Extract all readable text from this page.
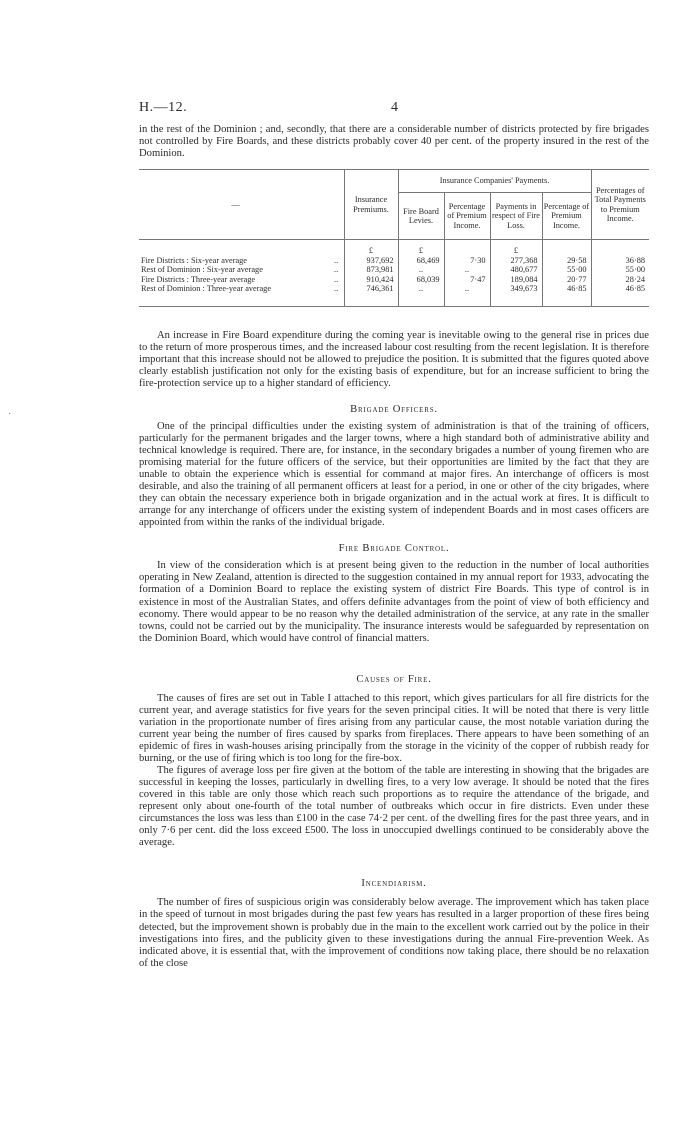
H.—12.	4
·

in the rest of the Dominion ; and, secondly, that there are a considerable number of districts protected by fire brigades not controlled by Fire Boards, and these districts probably cover 40 per cent. of the property insured in the rest of the Dominion.

—		Insurance Premiums.	Insurance Companies' Payments.				Percentages of Total Payments to Premium Income.
			Fire Board Levies.	Percentage of Premium Income.	Payments in respect of Fire Loss.	Percentage of Premium Income.	
		£	£		£		
Fire Districts : Six-year average	..	937,692	68,469	7·30	277,368	29·58	36·88
Rest of Dominion : Six-year average	..	873,981	..	..	480,677	55·00	55·00
Fire Districts : Three-year average	..	910,424	68,039	7·47	189,084	20·77	28·24
Rest of Dominion : Three-year average	..	746,361	..	..	349,673	46·85	46·85

An increase in Fire Board expenditure during the coming year is inevitable owing to the general rise in prices due to the return of more prosperous times, and the increased labour cost resulting from the recent legislation. It is therefore important that this increase should not be allowed to prejudice the position. It is submitted that the figures quoted above clearly establish justification not only for the existing basis of expenditure, but for an increase sufficient to bring the fire-protection service up to a higher standard of efficiency.

Brigade Officers.

One of the principal difficulties under the existing system of administration is that of the training of officers, particularly for the permanent brigades and the larger towns, where a high standard both of administrative ability and technical knowledge is required. There are, for instance, in the secondary brigades a number of young firemen who are promising material for the future officers of the service, but their opportunities are limited by the fact that they are unable to obtain the experience which is essential for command at major fires. An interchange of officers is most desirable, and also the training of all permanent officers at least for a period, in one or other of the city brigades, where they can obtain the necessary experience both in brigade organization and in the actual work at fires. It is difficult to arrange for any interchange of officers under the existing system of independent Boards and in most cases officers are appointed from within the ranks of the individual brigade.

Fire Brigade Control.

In view of the consideration which is at present being given to the reduction in the number of local authorities operating in New Zealand, attention is directed to the suggestion contained in my annual report for 1933, advocating the formation of a Dominion Board to replace the existing system of district Fire Boards. This type of control is in existence in most of the Australian States, and offers definite advantages from the point of view of both efficiency and economy. There would appear to be no reason why the detailed administration of the service, at any rate in the smaller towns, could not be carried out by the municipality. The insurance interests would be safeguarded by representation on the Dominion Board, which would have control of financial matters.

Causes of Fire.

The causes of fires are set out in Table I attached to this report, which gives particulars for all fire districts for the current year, and average statistics for five years for the seven principal cities. It will be noted that there is very little variation in the proportionate number of fires arising from any particular cause, the most notable variation during the current year being the number of fires caused by sparks from fireplaces. There appears to have been something of an epidemic of fires in wash-houses arising principally from the storage in the vicinity of the copper of rubbish ready for burning, or the use of firing which is too long for the fire-box.

The figures of average loss per fire given at the bottom of the table are interesting in showing that the brigades are successful in keeping the losses, particularly in dwelling fires, to a very low average. It should be noted that the fires covered in this table are only those which reach such proportions as to require the attendance of the brigade, and represent only about one-fourth of the total number of outbreaks which occur in fire districts. Even under these circumstances the loss was less than £100 in the case 74·2 per cent. of the dwelling fires for the past three years, and in only 7·6 per cent. did the loss exceed £500. The loss in unoccupied dwellings continued to be considerably above the average.

Incendiarism.

The number of fires of suspicious origin was considerably below average. The improvement which has taken place in the speed of turnout in most brigades during the past few years has resulted in a larger proportion of these fires being detected, but the improvement shown is probably due in the main to the excellent work carried out by the police in their investigations into fires, and the publicity given to these investigations during the annual Fire-prevention Week. As indicated above, it is essential that, with the improvement of conditions now taking place, there should be no relaxation of the close
